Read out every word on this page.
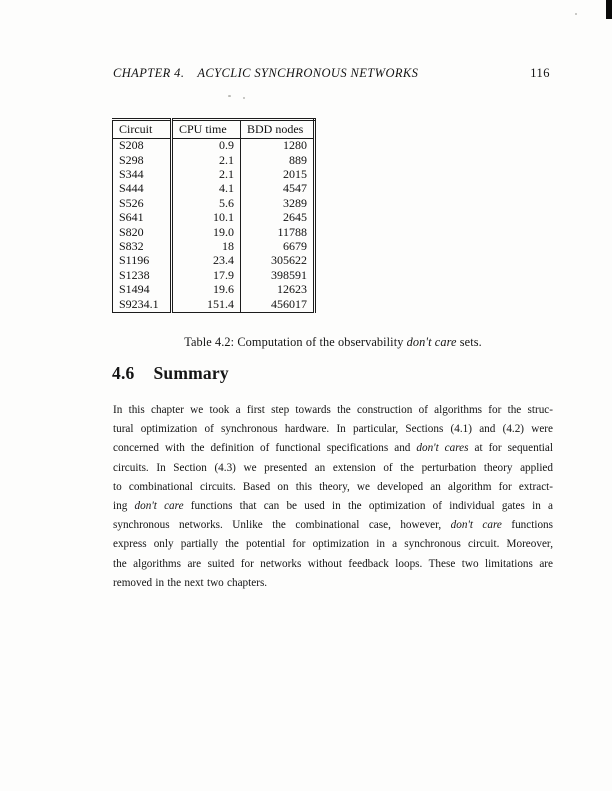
CHAPTER 4. ACYCLIC SYNCHRONOUS NETWORKS	116
Circuit	CPU time	BDD nodes
S208	0.9	1280
S298	2.1	889
S344	2.1	2015
S444	4.1	4547
S526	5.6	3289
S641	10.1	2645
S820	19.0	11788
S832	18	6679
S1196	23.4	305622
S1238	17.9	398591
S1494	19.6	12623
S9234.1	151.4	456017
Table 4.2: Computation of the observability don't care sets.
4.6 Summary
In this chapter we took a first step towards the construction of algorithms for the struc-
tural optimization of synchronous hardware. In particular, Sections (4.1) and (4.2) were
concerned with the definition of functional specifications and don't cares at for sequential
circuits. In Section (4.3) we presented an extension of the perturbation theory applied
to combinational circuits. Based on this theory, we developed an algorithm for extract-
ing don't care functions that can be used in the optimization of individual gates in a
synchronous networks. Unlike the combinational case, however, don't care functions
express only partially the potential for optimization in a synchronous circuit. Moreover,
the algorithms are suited for networks without feedback loops. These two limitations are
removed in the next two chapters.
